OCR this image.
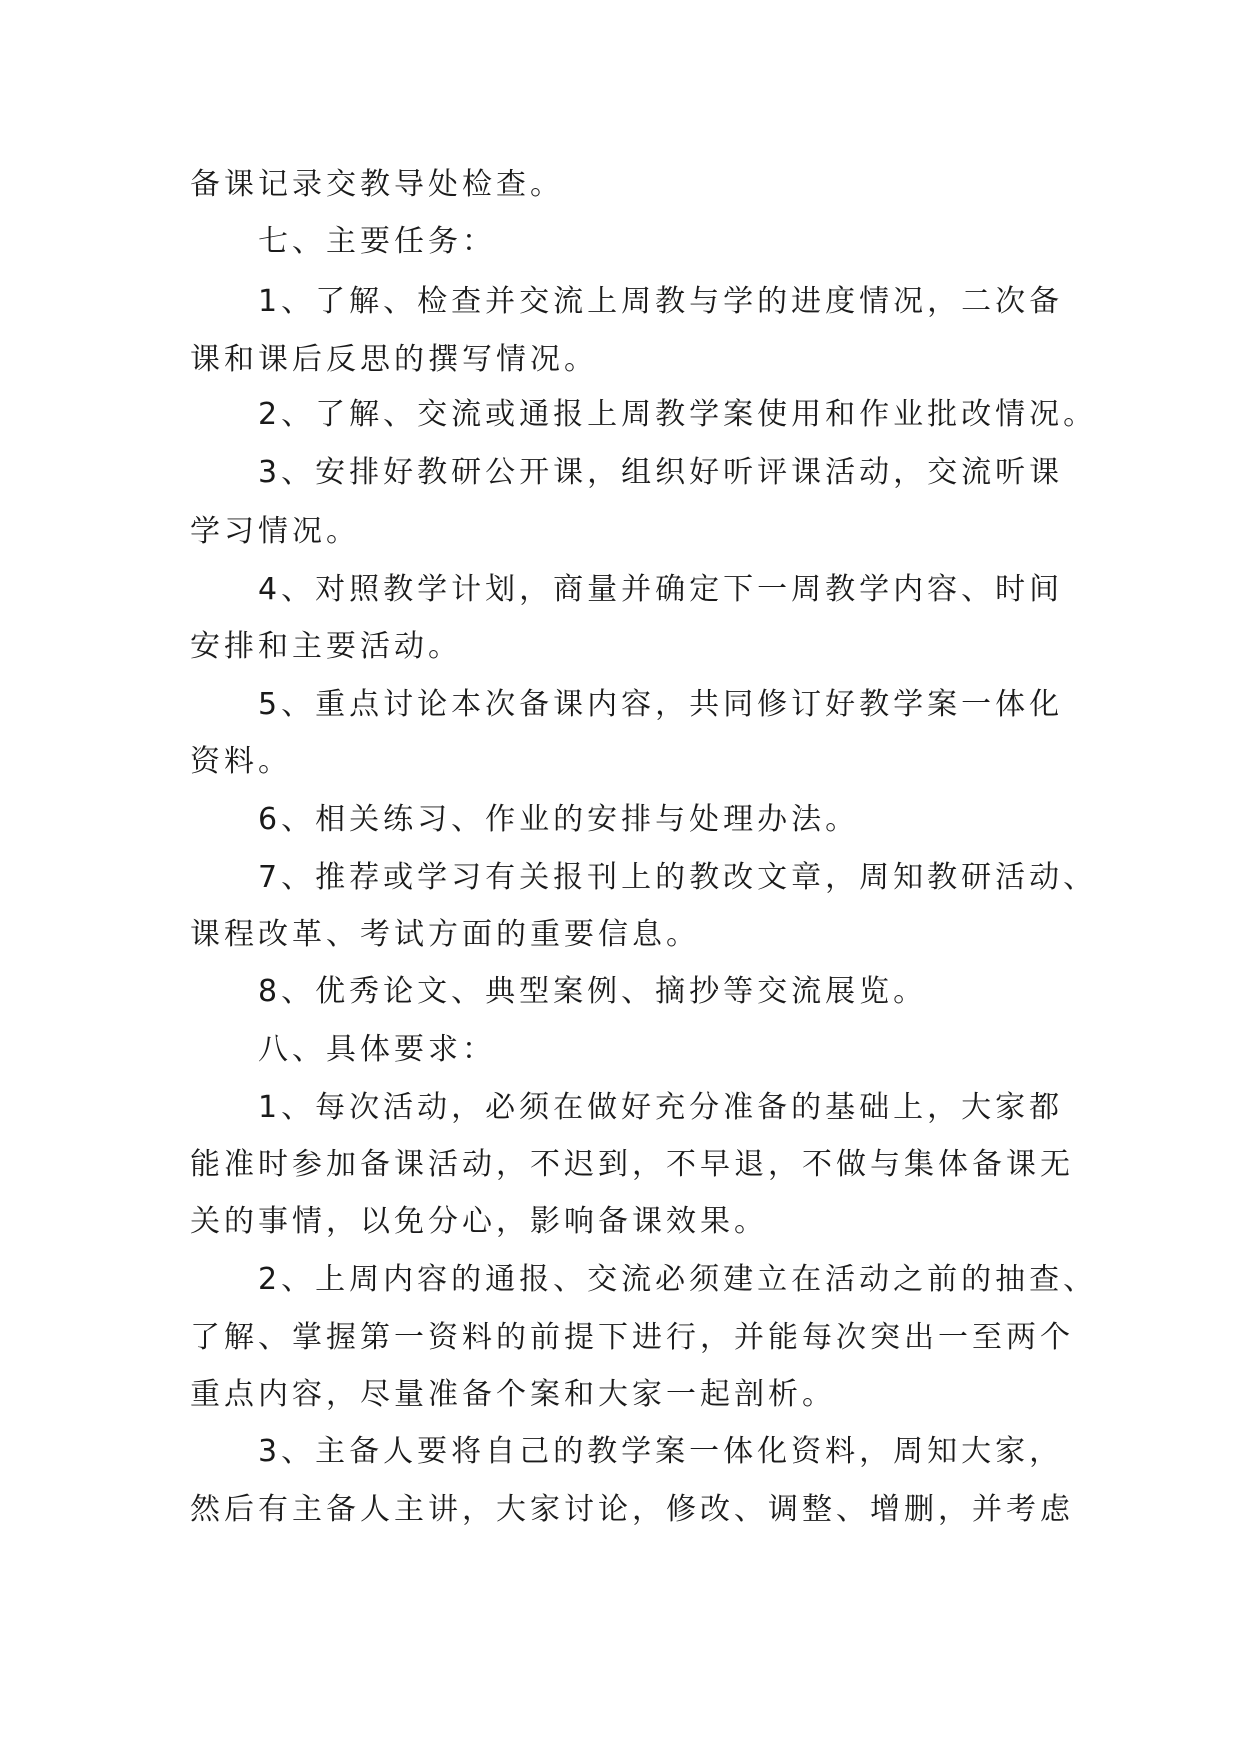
备课记录交教导处检查。
七、主要任务：
1、了解、检查并交流上周教与学的进度情况，二次备
课和课后反思的撰写情况。
2、了解、交流或通报上周教学案使用和作业批改情况。
3、安排好教研公开课，组织好听评课活动，交流听课
学习情况。
4、对照教学计划，商量并确定下一周教学内容、时间
安排和主要活动。
5、重点讨论本次备课内容，共同修订好教学案一体化
资料。
6、相关练习、作业的安排与处理办法。
7、推荐或学习有关报刊上的教改文章，周知教研活动、
课程改革、考试方面的重要信息。
8、优秀论文、典型案例、摘抄等交流展览。
八、具体要求：
1、每次活动，必须在做好充分准备的基础上，大家都
能准时参加备课活动，不迟到，不早退，不做与集体备课无
关的事情，以免分心，影响备课效果。
2、上周内容的通报、交流必须建立在活动之前的抽查、
了解、掌握第一资料的前提下进行，并能每次突出一至两个
重点内容，尽量准备个案和大家一起剖析。
3、主备人要将自己的教学案一体化资料，周知大家，
然后有主备人主讲，大家讨论，修改、调整、增删，并考虑
